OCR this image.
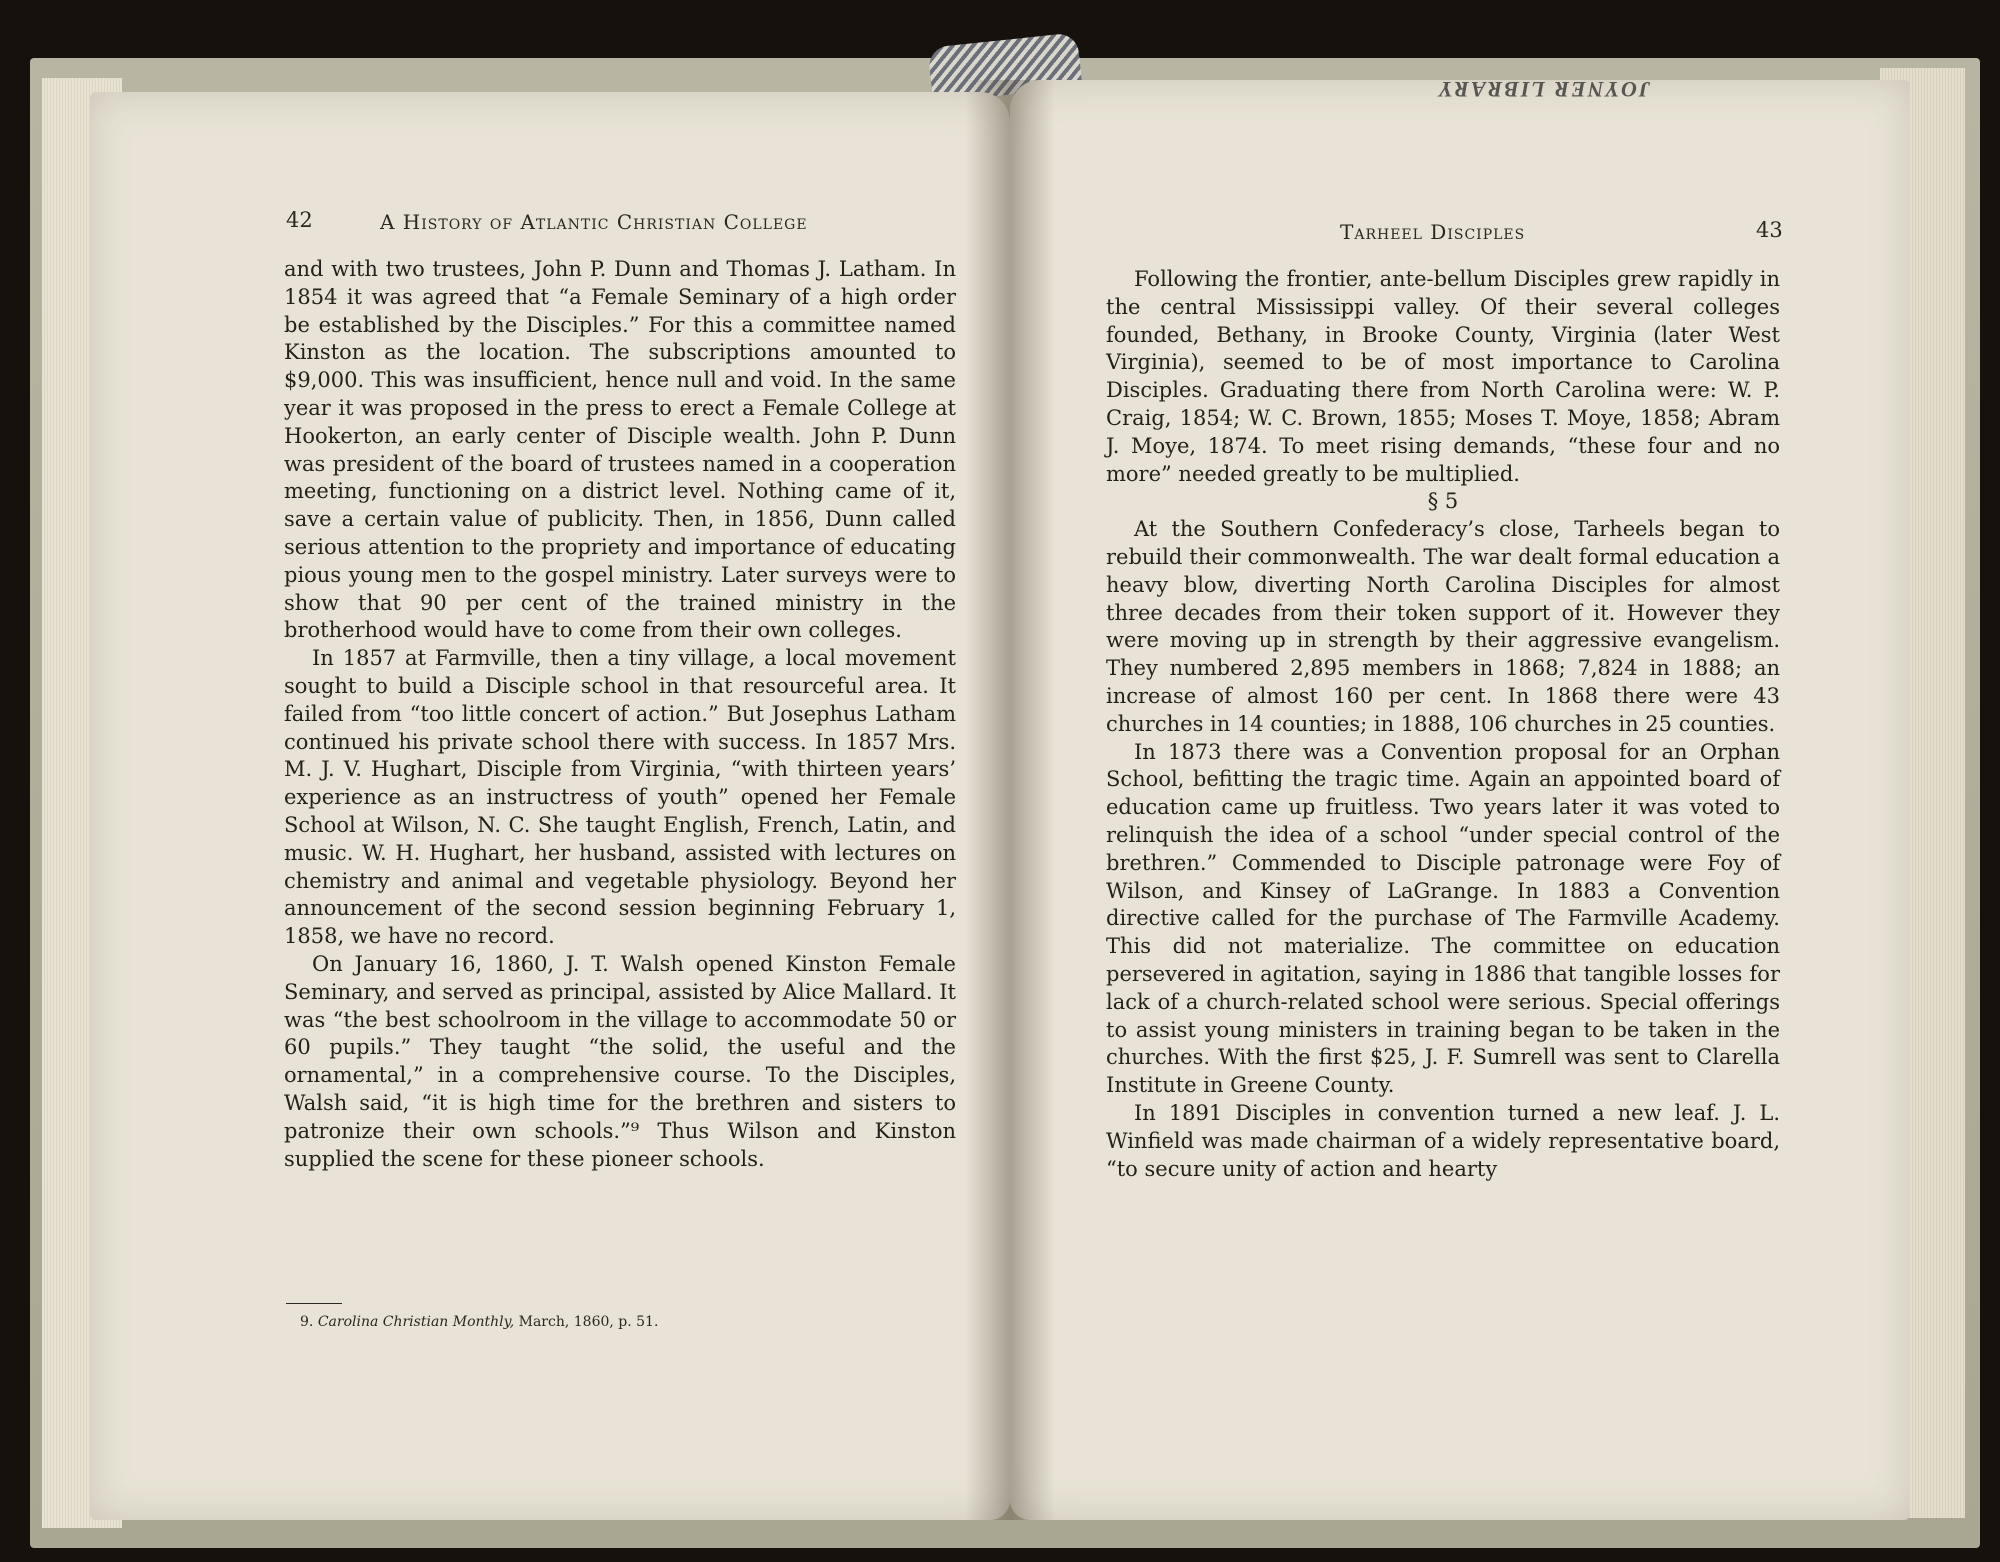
JOYNER LIBRARY
42	A History of Atlantic Christian College

and with two trustees, John P. Dunn and Thomas J. Latham. In 1854 it was agreed that “a Female Seminary of a high order be established by the Disciples.” For this a committee named Kinston as the location. The subscriptions amounted to $9,000. This was insufficient, hence null and void. In the same year it was proposed in the press to erect a Female College at Hookerton, an early center of Disciple wealth. John P. Dunn was president of the board of trustees named in a cooperation meeting, functioning on a district level. Nothing came of it, save a certain value of publicity. Then, in 1856, Dunn called serious attention to the propriety and importance of educating pious young men to the gospel ministry. Later surveys were to show that 90 per cent of the trained ministry in the brotherhood would have to come from their own colleges.

In 1857 at Farmville, then a tiny village, a local movement sought to build a Disciple school in that resourceful area. It failed from “too little concert of action.” But Josephus Latham continued his private school there with success. In 1857 Mrs. M. J. V. Hughart, Disciple from Virginia, “with thirteen years’ experience as an instructress of youth” opened her Female School at Wilson, N. C. She taught English, French, Latin, and music. W. H. Hughart, her husband, assisted with lectures on chemistry and animal and vegetable physiology. Beyond her announcement of the second session beginning February 1, 1858, we have no record.

On January 16, 1860, J. T. Walsh opened Kinston Female Seminary, and served as principal, assisted by Alice Mallard. It was “the best schoolroom in the village to accommodate 50 or 60 pupils.” They taught “the solid, the useful and the ornamental,” in a comprehensive course. To the Disciples, Walsh said, “it is high time for the brethren and sisters to patronize their own schools.”⁹ Thus Wilson and Kinston supplied the scene for these pioneer schools.

9. Carolina Christian Monthly, March, 1860, p. 51.
Tarheel Disciples	43

Following the frontier, ante-bellum Disciples grew rapidly in the central Mississippi valley. Of their several colleges founded, Bethany, in Brooke County, Virginia (later West Virginia), seemed to be of most importance to Carolina Disciples. Graduating there from North Carolina were: W. P. Craig, 1854; W. C. Brown, 1855; Moses T. Moye, 1858; Abram J. Moye, 1874. To meet rising demands, “these four and no more” needed greatly to be multiplied.

§ 5

At the Southern Confederacy’s close, Tarheels began to rebuild their commonwealth. The war dealt formal education a heavy blow, diverting North Carolina Disciples for almost three decades from their token support of it. However they were moving up in strength by their aggressive evangelism. They numbered 2,895 members in 1868; 7,824 in 1888; an increase of almost 160 per cent. In 1868 there were 43 churches in 14 counties; in 1888, 106 churches in 25 counties.

In 1873 there was a Convention proposal for an Orphan School, befitting the tragic time. Again an appointed board of education came up fruitless. Two years later it was voted to relinquish the idea of a school “under special control of the brethren.” Commended to Disciple patronage were Foy of Wilson, and Kinsey of LaGrange. In 1883 a Convention directive called for the purchase of The Farmville Academy. This did not materialize. The committee on education persevered in agitation, saying in 1886 that tangible losses for lack of a church-related school were serious. Special offerings to assist young ministers in training began to be taken in the churches. With the first $25, J. F. Sumrell was sent to Clarella Institute in Greene County.

In 1891 Disciples in convention turned a new leaf. J. L. Winfield was made chairman of a widely representative board, “to secure unity of action and hearty
